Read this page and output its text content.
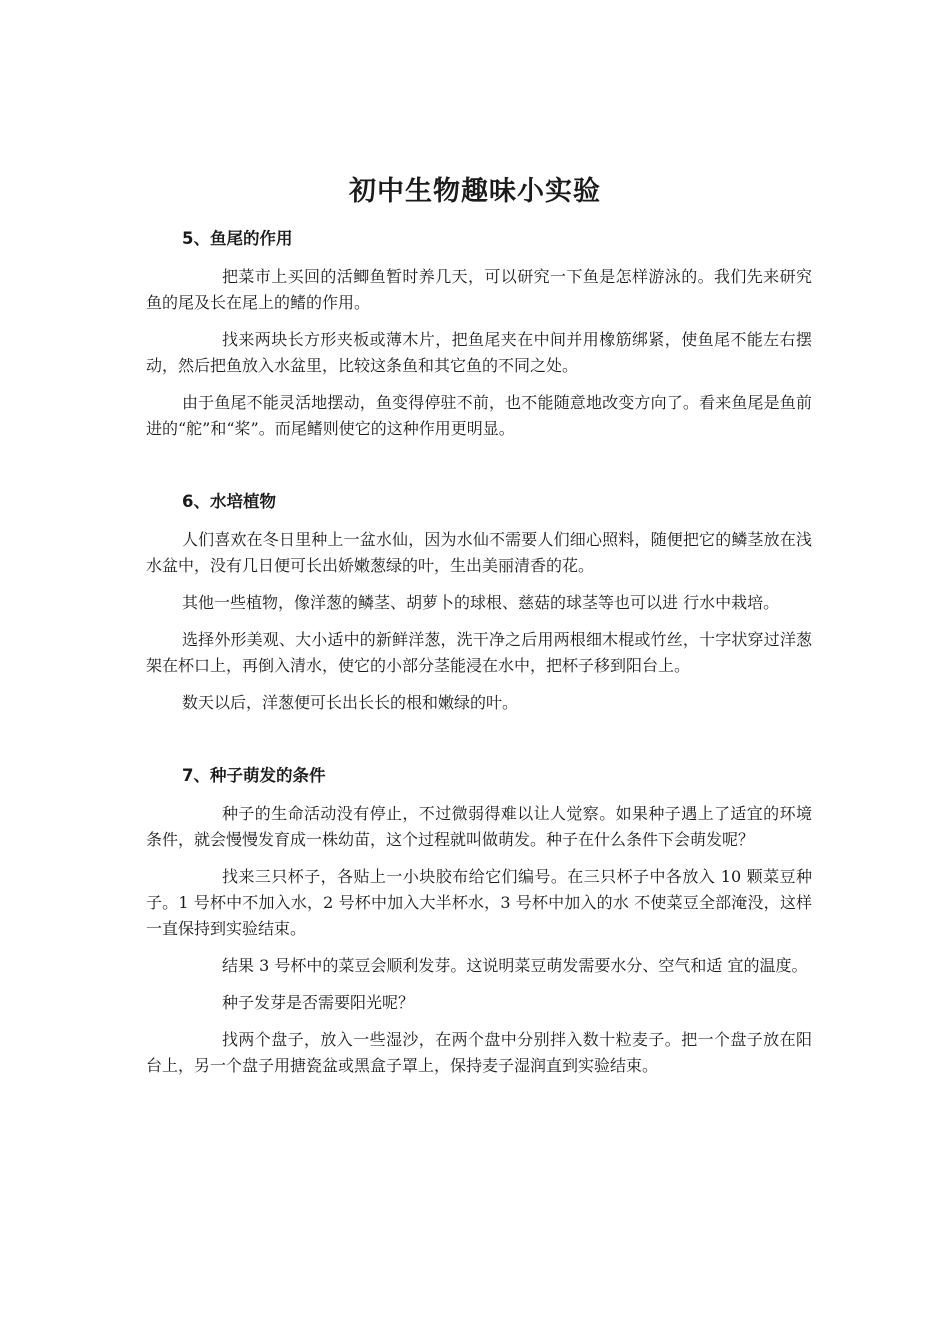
初中生物趣味小实验
5、鱼尾的作用

把菜市上买回的活鲫鱼暂时养几天，可以研究一下鱼是怎样游泳的。我们先来研究鱼的尾及长在尾上的鳍的作用。

找来两块长方形夹板或薄木片，把鱼尾夹在中间并用橡筋绑紧，使鱼尾不能左右摆动，然后把鱼放入水盆里，比较这条鱼和其它鱼的不同之处。

由于鱼尾不能灵活地摆动，鱼变得停驻不前，也不能随意地改变方向了。看来鱼尾是鱼前进的“舵”和“桨”。而尾鳍则使它的这种作用更明显。

6、水培植物

人们喜欢在冬日里种上一盆水仙，因为水仙不需要人们细心照料，随便把它的鳞茎放在浅水盆中，没有几日便可长出娇嫩葱绿的叶，生出美丽清香的花。

其他一些植物，像洋葱的鳞茎、胡萝卜的球根、慈菇的球茎等也可以进 行水中栽培。

选择外形美观、大小适中的新鲜洋葱，洗干净之后用两根细木棍或竹丝，十字状穿过洋葱架在杯口上，再倒入清水，使它的小部分茎能浸在水中，把杯子移到阳台上。

数天以后，洋葱便可长出长长的根和嫩绿的叶。

7、种子萌发的条件

种子的生命活动没有停止，不过微弱得难以让人觉察。如果种子遇上了适宜的环境条件，就会慢慢发育成一株幼苗，这个过程就叫做萌发。种子在什么条件下会萌发呢？

找来三只杯子，各贴上一小块胶布给它们编号。在三只杯子中各放入 10 颗菜豆种子。1 号杯中不加入水，2 号杯中加入大半杯水，3 号杯中加入的水 不使菜豆全部淹没，这样一直保持到实验结束。

结果 3 号杯中的菜豆会顺利发芽。这说明菜豆萌发需要水分、空气和适 宜的温度。

种子发芽是否需要阳光呢？

找两个盘子，放入一些湿沙，在两个盘中分别拌入数十粒麦子。把一个盘子放在阳台上，另一个盘子用搪瓷盆或黑盒子罩上，保持麦子湿润直到实验结束。
